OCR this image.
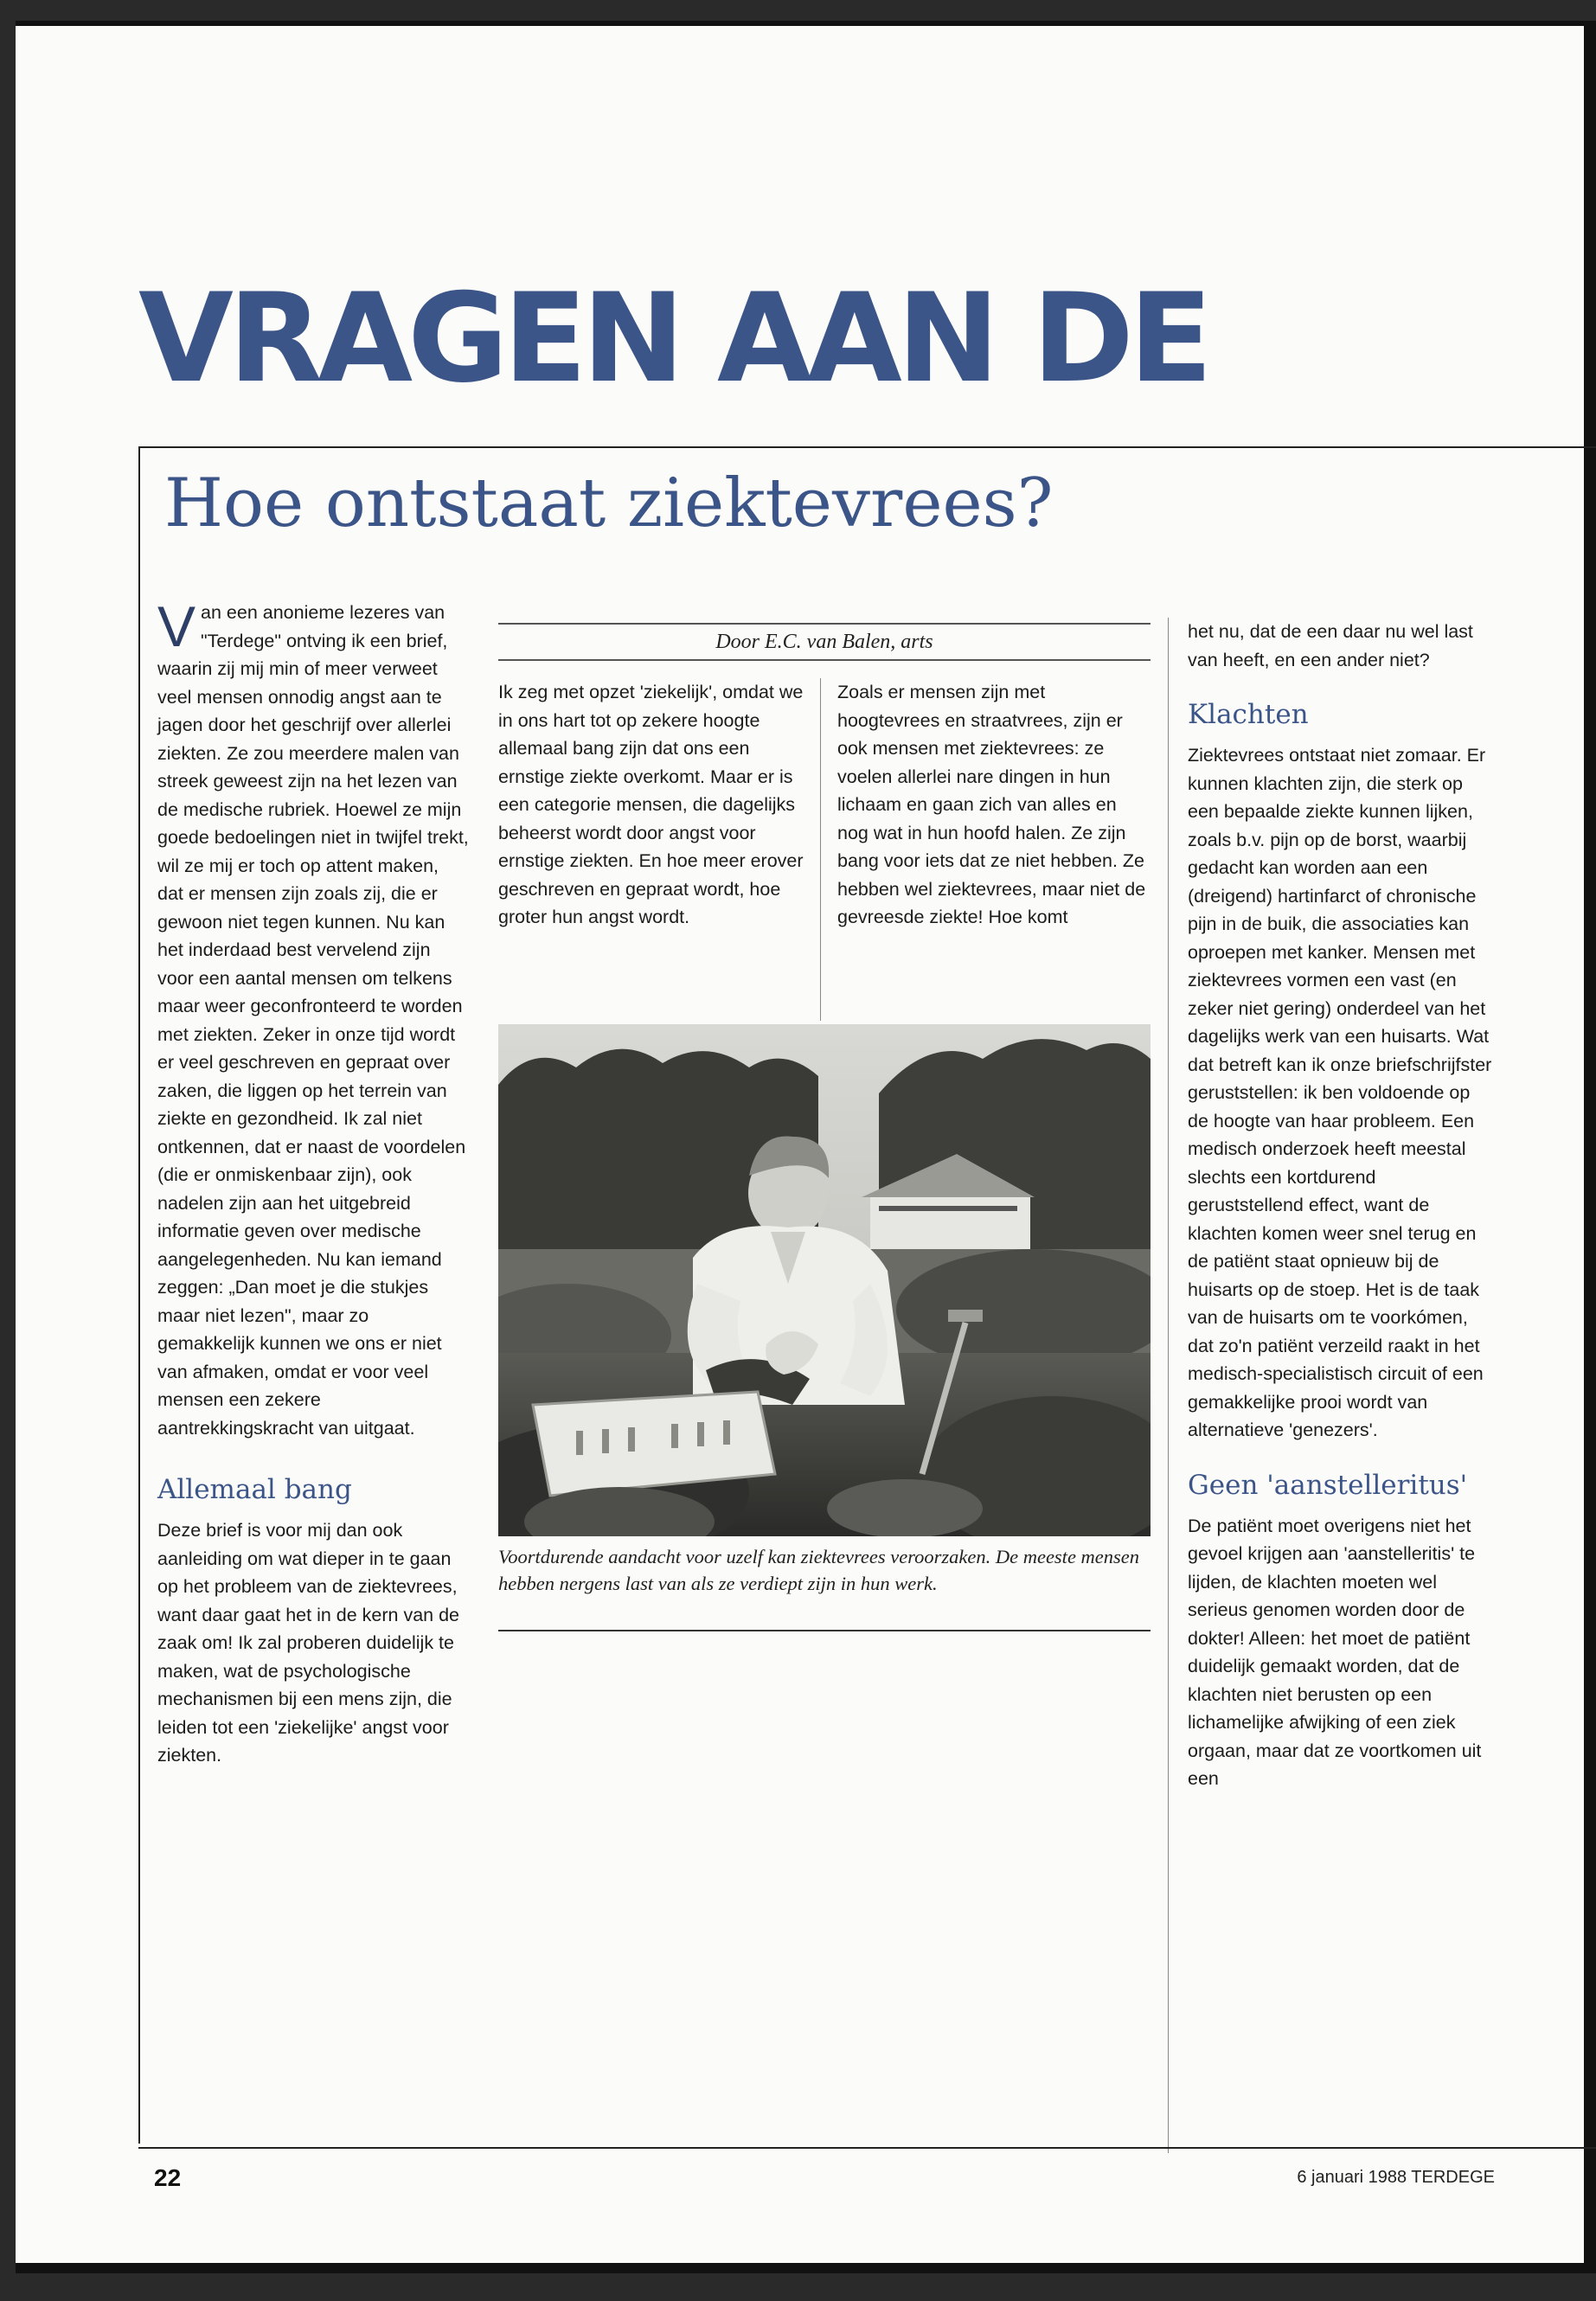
VRAGEN AAN DE
Hoe ontstaat ziektevrees?

Van een anonieme lezeres van "Terdege" ontving ik een brief, waarin zij mij min of meer verweet veel mensen onnodig angst aan te jagen door het geschrijf over allerlei ziekten. Ze zou meerdere malen van streek geweest zijn na het lezen van de medische rubriek. Hoewel ze mijn goede bedoelingen niet in twijfel trekt, wil ze mij er toch op attent maken, dat er mensen zijn zoals zij, die er gewoon niet tegen kunnen. Nu kan het inderdaad best vervelend zijn voor een aantal mensen om telkens maar weer geconfronteerd te worden met ziekten. Zeker in onze tijd wordt er veel geschreven en gepraat over zaken, die liggen op het terrein van ziekte en gezondheid. Ik zal niet ontkennen, dat er naast de voordelen (die er onmiskenbaar zijn), ook nadelen zijn aan het uitgebreid informatie geven over medische aangelegenheden. Nu kan iemand zeggen: „Dan moet je die stukjes maar niet lezen", maar zo gemakkelijk kunnen we ons er niet van afmaken, omdat er voor veel mensen een zekere aantrekkingskracht van uitgaat.

Allemaal bang

Deze brief is voor mij dan ook aanleiding om wat dieper in te gaan op het probleem van de ziektevrees, want daar gaat het in de kern van de zaak om! Ik zal proberen duidelijk te maken, wat de psychologische mechanismen bij een mens zijn, die leiden tot een 'ziekelijke' angst voor ziekten.

Door E.C. van Balen, arts

Ik zeg met opzet 'ziekelijk', omdat we in ons hart tot op zekere hoogte allemaal bang zijn dat ons een ernstige ziekte overkomt. Maar er is een categorie mensen, die dagelijks beheerst wordt door angst voor ernstige ziekten. En hoe meer erover geschreven en gepraat wordt, hoe groter hun angst wordt.

Zoals er mensen zijn met hoogtevrees en straatvrees, zijn er ook mensen met ziektevrees: ze voelen allerlei nare dingen in hun lichaam en gaan zich van alles en nog wat in hun hoofd halen. Ze zijn bang voor iets dat ze niet hebben. Ze hebben wel ziektevrees, maar niet de gevreesde ziekte! Hoe komt

Voortdurende aandacht voor uzelf kan ziektevrees veroorzaken. De meeste mensen hebben nergens last van als ze verdiept zijn in hun werk.

het nu, dat de een daar nu wel last van heeft, en een ander niet?

Klachten

Ziektevrees ontstaat niet zomaar. Er kunnen klachten zijn, die sterk op een bepaalde ziekte kunnen lijken, zoals b.v. pijn op de borst, waarbij gedacht kan worden aan een (dreigend) hartinfarct of chronische pijn in de buik, die associaties kan oproepen met kanker. Mensen met ziektevrees vormen een vast (en zeker niet gering) onderdeel van het dagelijks werk van een huisarts. Wat dat betreft kan ik onze briefschrijfster geruststellen: ik ben voldoende op de hoogte van haar probleem. Een medisch onderzoek heeft meestal slechts een kortdurend geruststellend effect, want de klachten komen weer snel terug en de patiënt staat opnieuw bij de huisarts op de stoep. Het is de taak van de huisarts om te voorkómen, dat zo'n patiënt verzeild raakt in het medisch-specialistisch circuit of een gemakkelijke prooi wordt van alternatieve 'genezers'.

Geen 'aanstelleritus'

De patiënt moet overigens niet het gevoel krijgen aan 'aanstelleritis' te lijden, de klachten moeten wel serieus genomen worden door de dokter! Alleen: het moet de patiënt duidelijk gemaakt worden, dat de klachten niet berusten op een lichamelijke afwijking of een ziek orgaan, maar dat ze voortkomen uit een

22	6 januari 1988 TERDEGE
